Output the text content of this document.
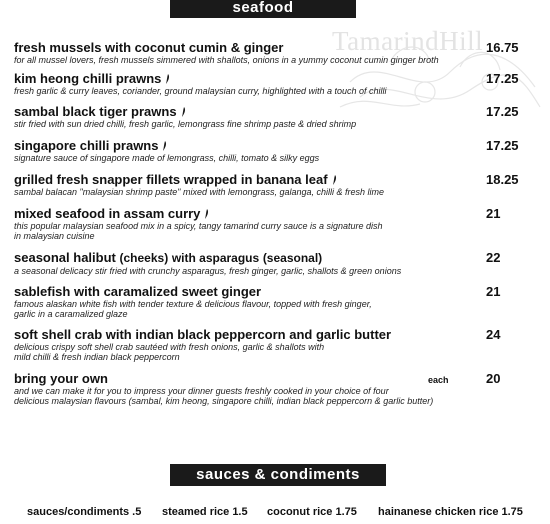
seafood
TamarindHill
fresh mussels with coconut cumin & ginger
for all mussel lovers, fresh mussels simmered with shallots, onions in a yummy coconut cumin ginger broth
16.75
kim heong chilli prawns
fresh garlic & curry leaves, coriander, ground malaysian curry, highlighted with a touch of chilli
17.25
sambal black tiger prawns
stir fried with sun dried chilli, fresh garlic, lemongrass fine shrimp paste & dried shrimp
17.25
singapore chilli prawns
signature sauce of singapore made of lemongrass, chilli, tomato & silky eggs
17.25
grilled fresh snapper fillets wrapped in banana leaf
sambal balacan "malaysian shrimp paste" mixed with lemongrass, galanga, chilli & fresh lime
18.25
mixed seafood in assam curry
this popular malaysian seafood mix in a spicy, tangy tamarind curry sauce is a signature dish
in malaysian cuisine
21
seasonal halibut (cheeks) with asparagus (seasonal)
a seasonal delicacy stir fried with crunchy asparagus, fresh ginger, garlic, shallots & green onions
22
sablefish with caramalized sweet ginger
famous alaskan white fish with tender texture & delicious flavour, topped with fresh ginger,
garlic in a caramalized glaze
21
soft shell crab with indian black peppercorn and garlic butter
delicious crispy soft shell crab sautéed with fresh onions, garlic & shallots with
mild chilli & fresh indian black peppercorn
24
bring your own
and we can make it for you to impress your dinner guests freshly cooked in your choice of four
delicious malaysian flavours (sambal, kim heong, singapore chilli, indian black peppercorn & garlic butter)
each	20
sauces & condiments
sauces/condiments .5 steamed rice 1.5 coconut rice 1.75 hainanese chicken rice 1.75
